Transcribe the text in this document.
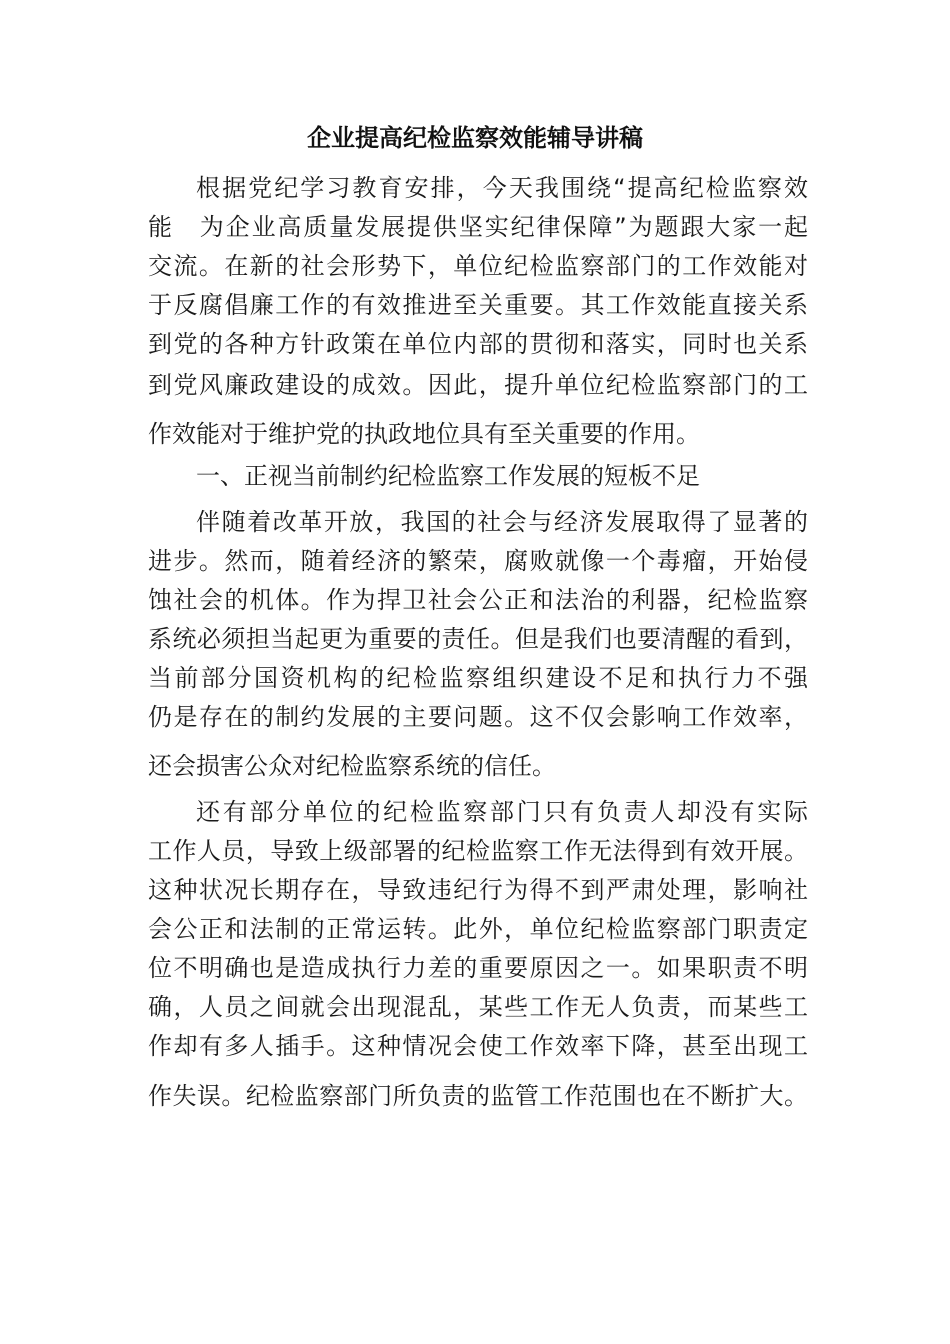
企业提高纪检监察效能辅导讲稿

根据党纪学习教育安排，今天我围绕“提高纪检监察效

能　为企业高质量发展提供坚实纪律保障”为题跟大家一起

交流。在新的社会形势下，单位纪检监察部门的工作效能对

于反腐倡廉工作的有效推进至关重要。其工作效能直接关系

到党的各种方针政策在单位内部的贯彻和落实，同时也关系

到党风廉政建设的成效。因此，提升单位纪检监察部门的工

作效能对于维护党的执政地位具有至关重要的作用。

一、正视当前制约纪检监察工作发展的短板不足

伴随着改革开放，我国的社会与经济发展取得了显著的

进步。然而，随着经济的繁荣，腐败就像一个毒瘤，开始侵

蚀社会的机体。作为捍卫社会公正和法治的利器，纪检监察

系统必须担当起更为重要的责任。但是我们也要清醒的看到，

当前部分国资机构的纪检监察组织建设不足和执行力不强

仍是存在的制约发展的主要问题。这不仅会影响工作效率，

还会损害公众对纪检监察系统的信任。

还有部分单位的纪检监察部门只有负责人却没有实际

工作人员，导致上级部署的纪检监察工作无法得到有效开展。

这种状况长期存在，导致违纪行为得不到严肃处理，影响社

会公正和法制的正常运转。此外，单位纪检监察部门职责定

位不明确也是造成执行力差的重要原因之一。如果职责不明

确，人员之间就会出现混乱，某些工作无人负责，而某些工

作却有多人插手。这种情况会使工作效率下降，甚至出现工

作失误。纪检监察部门所负责的监管工作范围也在不断扩大。
